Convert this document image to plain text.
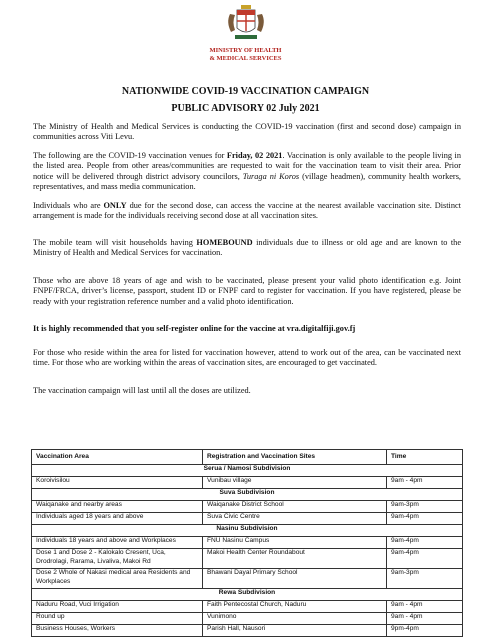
MINISTRY OF HEALTH
& MEDICAL SERVICES
NATIONWIDE COVID-19 VACCINATION CAMPAIGN
PUBLIC ADVISORY 02 July 2021

The Ministry of Health and Medical Services is conducting the COVID-19 vaccination (first and second dose) campaign in communities across Viti Levu.

The following are the COVID-19 vaccination venues for Friday, 02 2021. Vaccination is only available to the people living in the listed area. People from other areas/communities are requested to wait for the vaccination team to visit their area. Prior notice will be delivered through district advisory councilors, Turaga ni Koros (village headmen), community health workers, representatives, and mass media communication.

Individuals who are ONLY due for the second dose, can access the vaccine at the nearest available vaccination site. Distinct arrangement is made for the individuals receiving second dose at all vaccination sites.

The mobile team will visit households having HOMEBOUND individuals due to illness or old age and are known to the Ministry of Health and Medical Services for vaccination.

Those who are above 18 years of age and wish to be vaccinated, please present your valid photo identification e.g. Joint FNPF/FRCA, driver’s license, passport, student ID or FNPF card to register for vaccination. If you have registered, please be ready with your registration reference number and a valid photo identification.

It is highly recommended that you self-register online for the vaccine at vra.digitalfiji.gov.fj

For those who reside within the area for listed for vaccination however, attend to work out of the area, can be vaccinated next time. For those who are working within the areas of vaccination sites, are encouraged to get vaccinated.

The vaccination campaign will last until all the doses are utilized.

Vaccination Area	Registration and Vaccination Sites	Time
Serua / Namosi Subdivision		
Koroivisilou	Vunibau village	9am - 4pm
Suva Subdivision		
Waiqanake and nearby areas	Waiqanake District School	9am-3pm
Individuals aged 18 years and above	Suva Civic Centre	9am-4pm
Nasinu Subdivision		
Individuals 18 years and above and Workplaces	FNU Nasinu Campus	9am-4pm
Dose 1 and Dose 2 - Kalokalo Cresent, Uca, Drodrolagi, Rarama, Livaliva, Makoi Rd	Makoi Health Center Roundabout	9am-4pm
Dose 2 Whole of Nakasi medical area Residents and Workplaces	Bhawani Dayal Primary School	9am-3pm
Rewa Subdivision		
Naduru Road, Vuci Irrigation	Faith Pentecostal Church, Naduru	9am - 4pm
Round up	Vunimono	9am - 4pm
Business Houses, Workers	Parish Hall, Nausori	9pm-4pm
